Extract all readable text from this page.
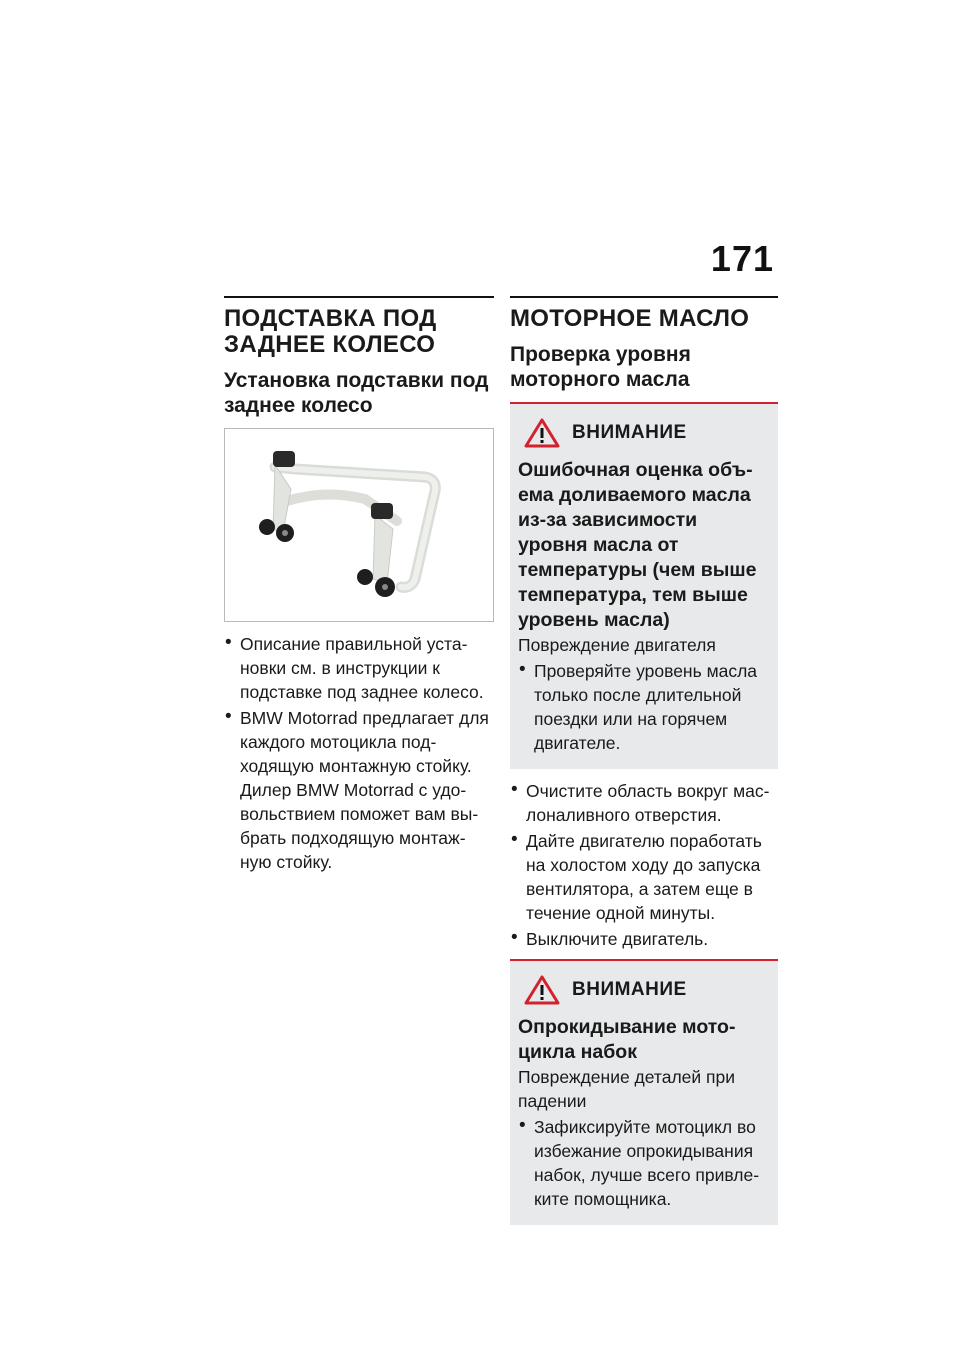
171
ПОДСТАВКА ПОД ЗАДНЕЕ КОЛЕСО
Установка подставки под заднее колесо
• Описание правильной уста-новки см. в инструкции к подставке под заднее колесо.
• BMW Motorrad предлагает для каждого мотоцикла под-ходящую монтажную стойку. Дилер BMW Motorrad с удо-вольствием поможет вам вы-брать подходящую монтаж-ную стойку.
МОТОРНОЕ МАСЛО
Проверка уровня моторного масла
ВНИМАНИЕ
Ошибочная оценка объ-ема доливаемого масла из-за зависимости уровня масла от температуры (чем выше температура, тем выше уровень масла)
Повреждение двигателя
• Проверяйте уровень масла только после длительной поездки или на горячем двигателе.
• Очистите область вокруг мас-лоналивного отверстия.
• Дайте двигателю поработать на холостом ходу до запуска вентилятора, а затем еще в течение одной минуты.
• Выключите двигатель.
ВНИМАНИЕ
Опрокидывание мото-цикла набок
Повреждение деталей при падении
• Зафиксируйте мотоцикл во избежание опрокидывания набок, лучше всего привле-ките помощника.
